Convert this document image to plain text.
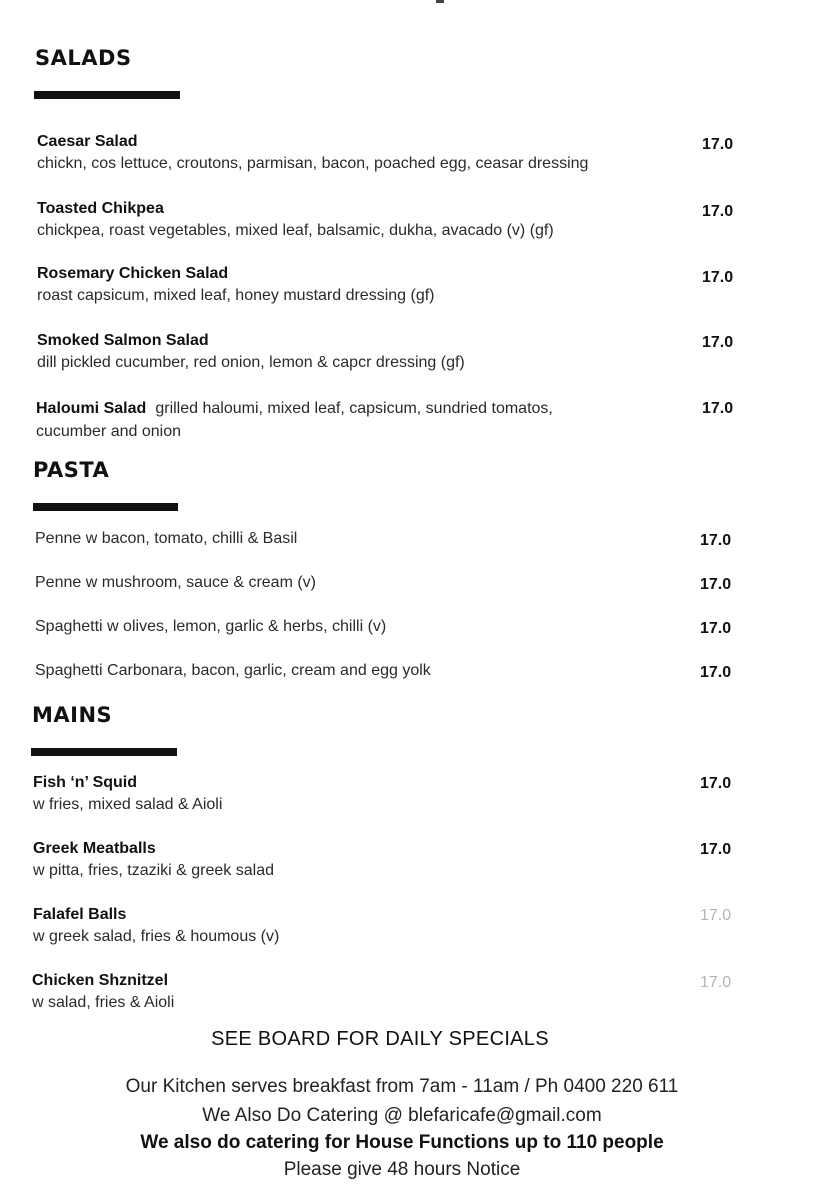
SALADS
Caesar Salad
chickn, cos lettuce, croutons, parmisan, bacon, poached egg, ceasar dressing
17.0
Toasted Chikpea
chickpea, roast vegetables, mixed leaf, balsamic, dukha, avacado (v) (gf)
17.0
Rosemary Chicken Salad
roast capsicum, mixed leaf, honey mustard dressing (gf)
17.0
Smoked Salmon Salad
dill pickled cucumber, red onion, lemon & capcr dressing (gf)
17.0
Haloumi Salad grilled haloumi, mixed leaf, capsicum, sundried tomatos, cucumber and onion
17.0
PASTA
Penne w bacon, tomato, chilli & Basil	17.0
Penne w mushroom, sauce & cream (v)	17.0
Spaghetti w olives, lemon, garlic & herbs, chilli (v)	17.0
Spaghetti Carbonara, bacon, garlic, cream and egg yolk	17.0
MAINS
Fish ‘n’ Squid
w fries, mixed salad & Aioli
17.0
Greek Meatballs
w pitta, fries, tzaziki & greek salad
17.0
Falafel Balls
w greek salad, fries & houmous (v)
17.0
Chicken Shznitzel
w salad, fries & Aioli
17.0
SEE BOARD FOR DAILY SPECIALS
Our Kitchen serves breakfast from 7am - 11am / Ph 0400 220 611
We Also Do Catering @ blefaricafe@gmail.com
We also do catering for House Functions up to 110 people
Please give 48 hours Notice
